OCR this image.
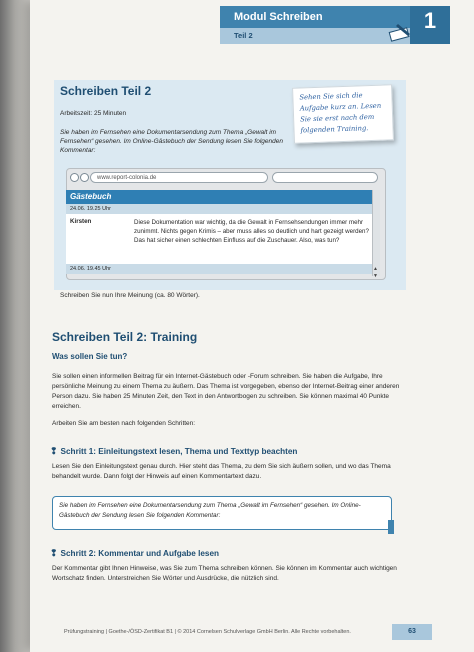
Modul Schreiben
Teil 2
1
Schreiben Teil 2
Arbeitszeit: 25 Minuten
Sie haben im Fernsehen eine Dokumentarsendung zum Thema „Gewalt im Fernsehen“ gesehen. Im Online-Gästebuch der Sendung lesen Sie folgenden Kommentar:
Sehen Sie sich die
Aufgabe kurz an. Lesen
Sie sie erst nach dem
folgenden Training.
www.report-colonia.de
Gästebuch
24.06. 19.25 Uhr
Kirsten	Diese Dokumentation war wichtig, da die Gewalt in Fernsehsendungen immer mehr zunimmt. Nichts gegen Krimis – aber muss alles so deutlich und hart gezeigt werden? Das hat sicher einen schlechten Einfluss auf die Zuschauer. Also, was tun?
24.06. 19.45 Uhr	▲
▼
Schreiben Sie nun Ihre Meinung (ca. 80 Wörter).
Schreiben Teil 2: Training
Was sollen Sie tun?
Sie sollen einen informellen Beitrag für ein Internet-Gästebuch oder -Forum schreiben. Sie haben die Aufgabe, Ihre persönliche Meinung zu einem Thema zu äußern. Das Thema ist vorgegeben, ebenso der Internet-Beitrag einer anderen Person dazu. Sie haben 25 Minuten Zeit, den Text in den Antwortbogen zu schreiben. Sie können maximal 40 Punkte erreichen.
Arbeiten Sie am besten nach folgenden Schritten:
❢ Schritt 1: Einleitungstext lesen, Thema und Texttyp beachten
Lesen Sie den Einleitungstext genau durch. Hier steht das Thema, zu dem Sie sich äußern sollen, und wo das Thema behandelt wurde. Dann folgt der Hinweis auf einen Kommentartext dazu.
Sie haben im Fernsehen eine Dokumentarsendung zum Thema „Gewalt im Fernsehen“ gesehen. Im Online-Gästebuch der Sendung lesen Sie folgenden Kommentar:
❢ Schritt 2: Kommentar und Aufgabe lesen
Der Kommentar gibt Ihnen Hinweise, was Sie zum Thema schreiben können. Sie können im Kommentar auch wichtigen Wortschatz finden. Unterstreichen Sie Wörter und Ausdrücke, die nützlich sind.
Prüfungstraining | Goethe-/ÖSD-Zertifikat B1 | © 2014 Cornelsen Schulverlage GmbH Berlin. Alle Rechte vorbehalten.	63
